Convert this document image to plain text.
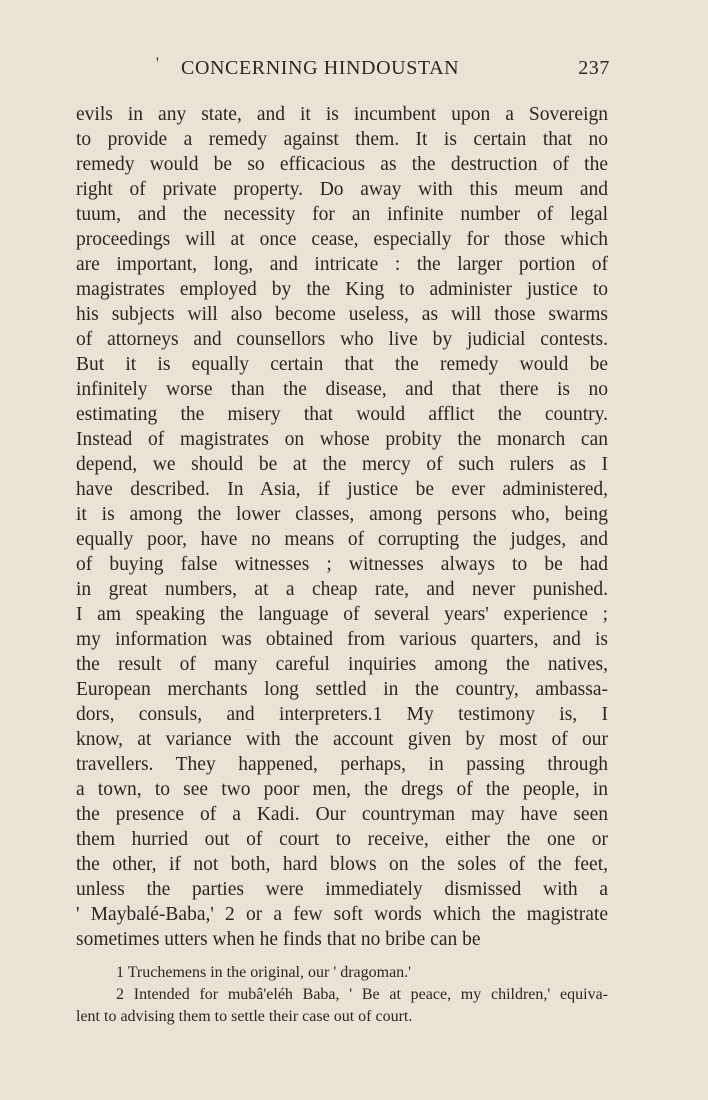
' CONCERNING HINDOUSTAN	237
evils in any state, and it is incumbent upon a Sovereign
to provide a remedy against them. It is certain that no
remedy would be so efficacious as the destruction of the
right of private property. Do away with this meum and
tuum, and the necessity for an infinite number of legal
proceedings will at once cease, especially for those which
are important, long, and intricate : the larger portion of
magistrates employed by the King to administer justice to
his subjects will also become useless, as will those swarms
of attorneys and counsellors who live by judicial contests.
But it is equally certain that the remedy would be
infinitely worse than the disease, and that there is no
estimating the misery that would afflict the country.
Instead of magistrates on whose probity the monarch can
depend, we should be at the mercy of such rulers as I
have described. In Asia, if justice be ever administered,
it is among the lower classes, among persons who, being
equally poor, have no means of corrupting the judges, and
of buying false witnesses ; witnesses always to be had
in great numbers, at a cheap rate, and never punished.
I am speaking the language of several years' experience ;
my information was obtained from various quarters, and is
the result of many careful inquiries among the natives,
European merchants long settled in the country, ambassa-
dors, consuls, and interpreters.1 My testimony is, I
know, at variance with the account given by most of our
travellers. They happened, perhaps, in passing through
a town, to see two poor men, the dregs of the people, in
the presence of a Kadi. Our countryman may have seen
them hurried out of court to receive, either the one or
the other, if not both, hard blows on the soles of the feet,
unless the parties were immediately dismissed with a
' Maybalé-Baba,' 2 or a few soft words which the magistrate
sometimes utters when he finds that no bribe can be
1 Truchemens in the original, our ' dragoman.'
2 Intended for mubâ'eléh Baba, ' Be at peace, my children,' equiva-
lent to advising them to settle their case out of court.
